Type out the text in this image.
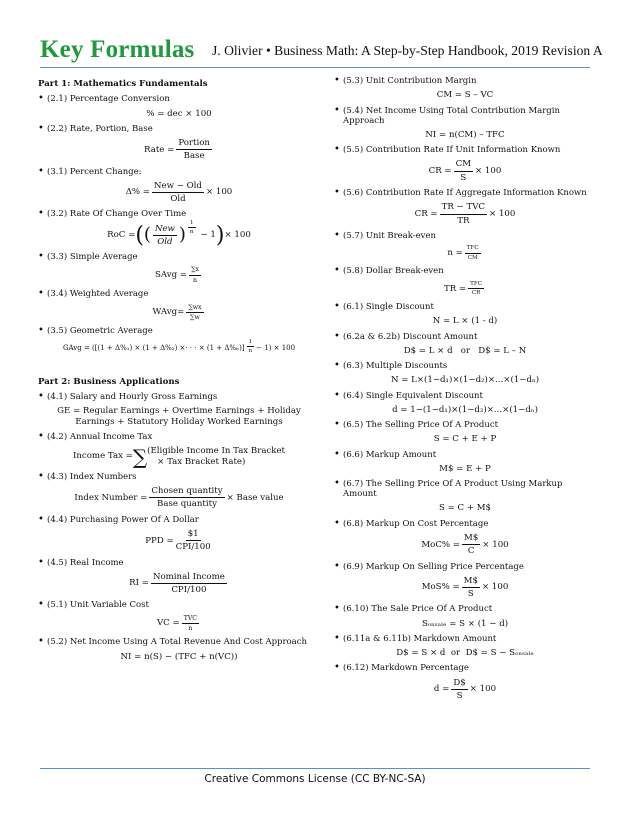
Key Formulas J. Olivier • Business Math: A Step-by-Step Handbook, 2019 Revision A
Part 1: Mathematics Fundamentals
• (2.1) Percentage Conversion
% = dec × 100
• (2.2) Rate, Portion, Base
Rate =
Portion
Base
• (3.1) Percent Change:
Δ% =
New − Old
Old
× 100
• (3.2) Rate Of Change Over Time
RoC = ( ( New
Old ) $\frac{1}{n} - 1$ ) × 100
• (3.3) Simple Average
SAvg = $\frac{\sum x}{n}$
• (3.4) Weighted Average
WAvg= $\frac{\sum wx}{\sum w}$
• (3.5) Geometric Average
GAvg = ([(1 + Δ%₁) × (1 + Δ%₂) ×· · · × $(1 + \Delta\%_n)] \frac{1}{n} - 1) \times 100$
Part 2: Business Applications
• (4.1) Salary and Hourly Gross Earnings
GE = Regular Earnings + Overtime Earnings + Holiday
Earnings + Statutory Holiday Worked Earnings
• (4.2) Annual Income Tax
Income Tax = ∑ (Eligible Income In Tax Bracket
× Tax Bracket Rate)
• (4.3) Index Numbers
Index Number =
Chosen quantity
Base quantity
× Base value
• (4.4) Purchasing Power Of A Dollar
PPD =
$1
CPI/100
• (4.5) Real Income
RI =
Nominal Income
CPI/100
• (5.1) Unit Variable Cost
VC =
TVC
n
• (5.2) Net Income Using A Total Revenue And Cost Approach
NI = n(S) − (TFC + n(VC))
• (5.3) Unit Contribution Margin
CM = S – VC
• (5.4) Net Income Using Total Contribution Margin Approach
NI = n(CM) – TFC
• (5.5) Contribution Rate If Unit Information Known
CR = $\frac{CM}{S} \times 100$
• (5.6) Contribution Rate If Aggregate Information Known
CR =
TR − TVC
TR
× 100
• (5.7) Unit Break-even
n =
TFC
CM
• (5.8) Dollar Break-even
TR =
TFC
CR
• (6.1) Single Discount
N = L × (1 - d)
• (6.2a & 6.2b) Discount Amount
D$ = L × d   or   D$ = L – N
• (6.3) Multiple Discounts
N = L×(1−d₁)×(1−d₂)×...×(1−dₙ)
• (6.4) Single Equivalent Discount
d = 1−(1−d₁)×(1−d₂)×...×(1−dₙ)
• (6.5) The Selling Price Of A Product
S = C + E + P
• (6.6) Markup Amount
M$ = E + P
• (6.7) The Selling Price Of A Product Using Markup Amount
S = C + M$
• (6.8) Markup On Cost Percentage
$MoC\% = \frac{M\$}{C} \times 100$
• (6.9) Markup On Selling Price Percentage
$MoS\% = \frac{M\$}{S} \times 100$
• (6.10) The Sale Price Of A Product
Sₒₙₛₐₗₑ = S × (1 − d)
• (6.11a & 6.11b) Markdown Amount
D$ = S × d  or  D$ = S − Sₒₙₛₐₗₑ
• (6.12) Markdown Percentage
$d = \frac{D\$}{S} \times 100$
Creative Commons License (CC BY-NC-SA)
